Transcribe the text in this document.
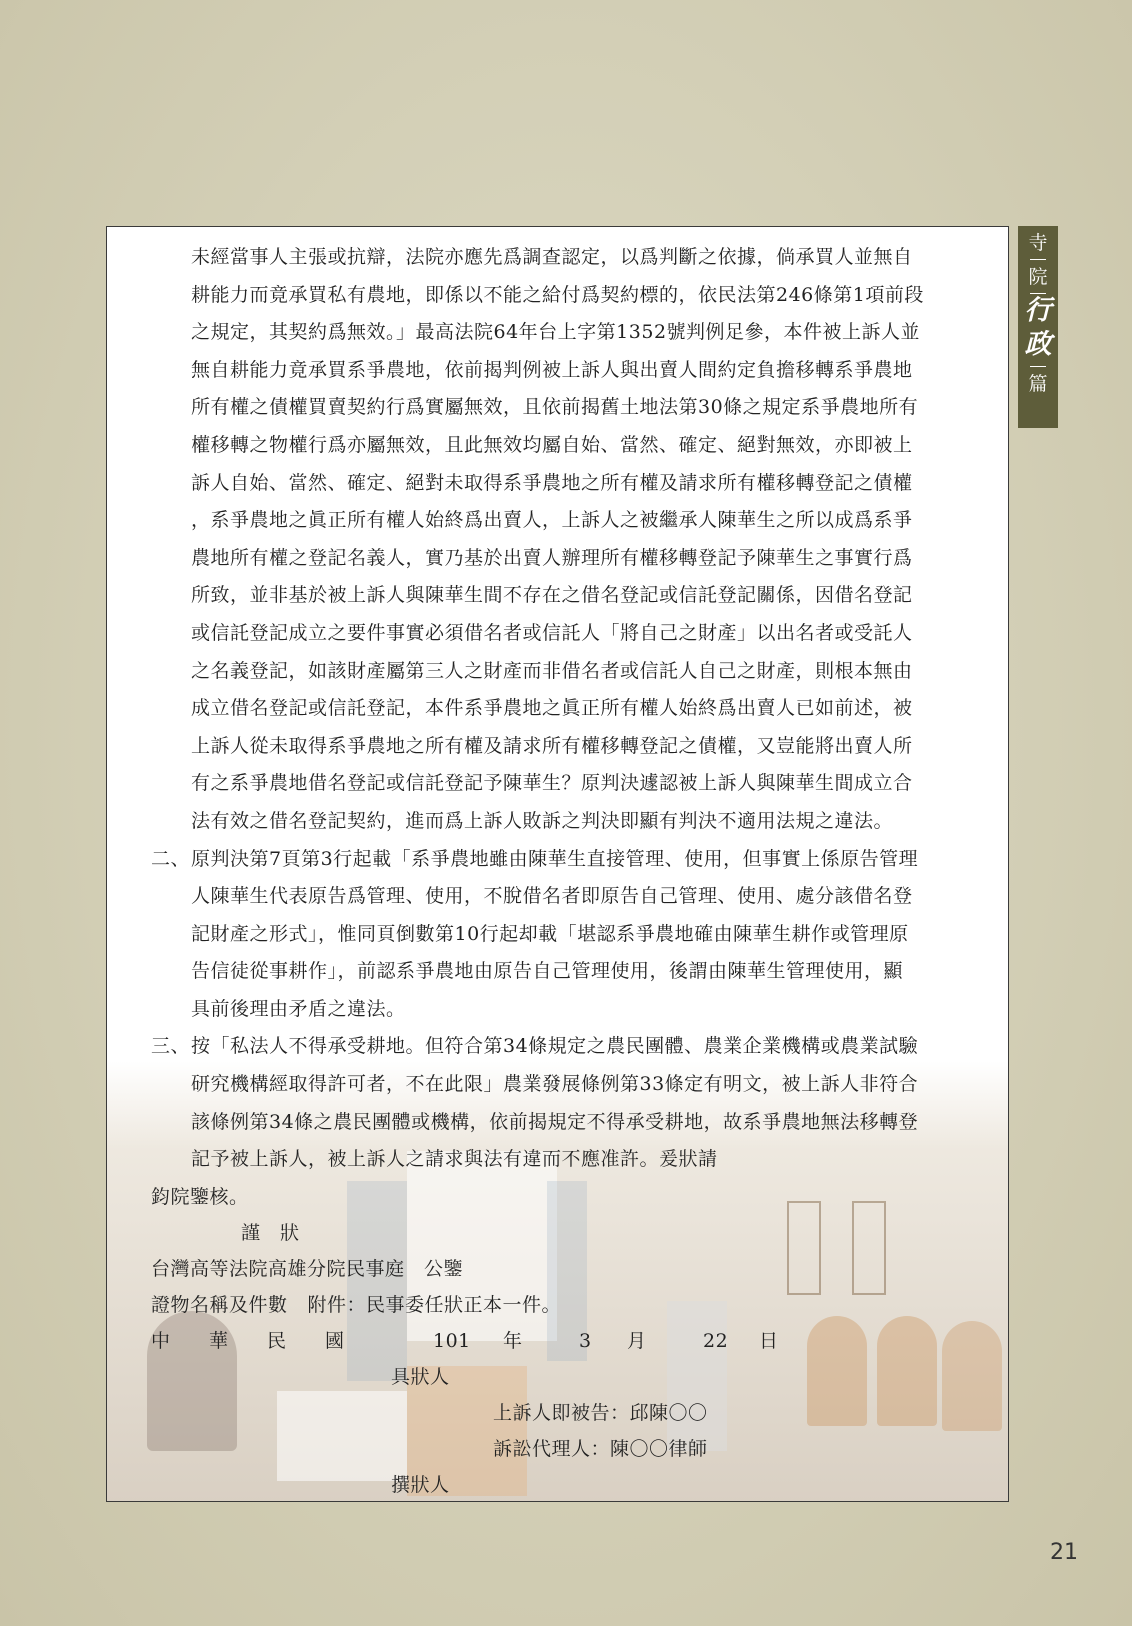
未經當事人主張或抗辯，法院亦應先爲調查認定，以爲判斷之依據，倘承買人並無自
耕能力而竟承買私有農地，即係以不能之給付爲契約標的，依民法第246條第1項前段
之規定，其契約爲無效。」最高法院64年台上字第1352號判例足參，本件被上訴人並
無自耕能力竟承買系爭農地，依前揭判例被上訴人與出賣人間約定負擔移轉系爭農地
所有權之債權買賣契約行爲實屬無效，且依前揭舊土地法第30條之規定系爭農地所有
權移轉之物權行爲亦屬無效，且此無效均屬自始、當然、確定、絕對無效，亦即被上
訴人自始、當然、確定、絕對未取得系爭農地之所有權及請求所有權移轉登記之債權
，系爭農地之眞正所有權人始終爲出賣人，上訴人之被繼承人陳華生之所以成爲系爭
農地所有權之登記名義人，實乃基於出賣人辦理所有權移轉登記予陳華生之事實行爲
所致，並非基於被上訴人與陳華生間不存在之借名登記或信託登記關係，因借名登記
或信託登記成立之要件事實必須借名者或信託人「將自己之財產」以出名者或受託人
之名義登記，如該財產屬第三人之財產而非借名者或信託人自己之財產，則根本無由
成立借名登記或信託登記，本件系爭農地之眞正所有權人始終爲出賣人已如前述，被
上訴人從未取得系爭農地之所有權及請求所有權移轉登記之債權，又豈能將出賣人所
有之系爭農地借名登記或信託登記予陳華生？原判決遽認被上訴人與陳華生間成立合
法有效之借名登記契約，進而爲上訴人敗訴之判決即顯有判決不適用法規之違法。
二、原判決第7頁第3行起載「系爭農地雖由陳華生直接管理、使用，但事實上係原告管理
人陳華生代表原告爲管理、使用，不脫借名者即原告自己管理、使用、處分該借名登
記財產之形式」，惟同頁倒數第10行起却載「堪認系爭農地確由陳華生耕作或管理原
告信徒從事耕作」，前認系爭農地由原告自己管理使用，後謂由陳華生管理使用，顯
具前後理由矛盾之違法。
三、按「私法人不得承受耕地。但符合第34條規定之農民團體、農業企業機構或農業試驗
研究機構經取得許可者，不在此限」農業發展條例第33條定有明文，被上訴人非符合
該條例第34條之農民團體或機構，依前揭規定不得承受耕地，故系爭農地無法移轉登
記予被上訴人，被上訴人之請求與法有違而不應准許。爰狀請
鈞院鑒核。
謹　狀
台灣高等法院高雄分院民事庭　公鑒
證物名稱及件數 附件：民事委任狀正本一件。
中	華	民	國	101	年	3	月	22	日
具狀人
上訴人即被告：邱陳〇〇
訴訟代理人：陳〇〇律師
撰狀人
寺
院
行
政
篇
21
